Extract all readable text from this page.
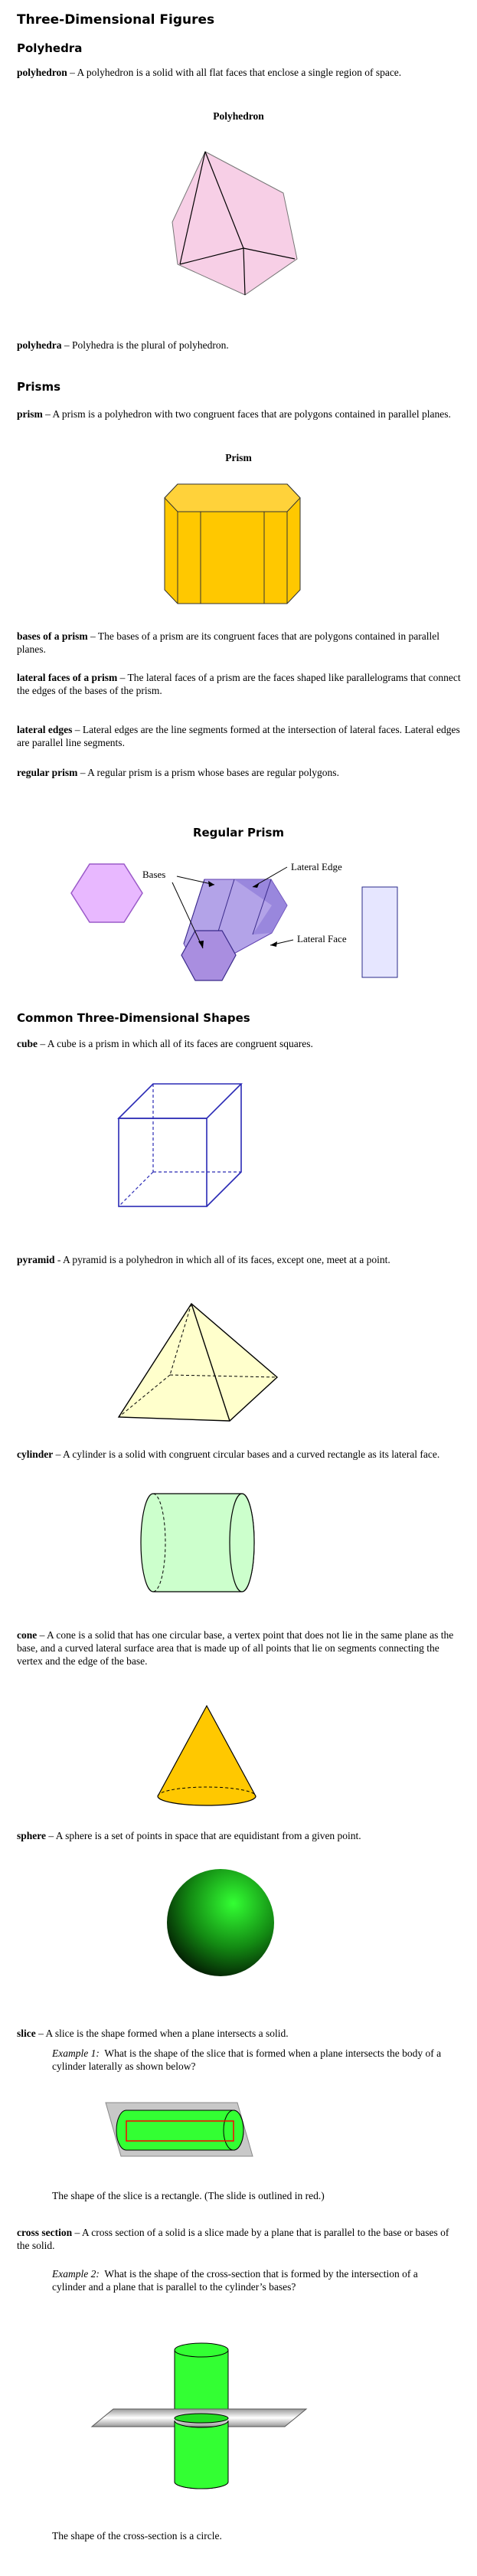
Three-Dimensional Figures
Polyhedra
polyhedron – A polyhedron is a solid with all flat faces that enclose a single region of space.
Polyhedron
polyhedra – Polyhedra is the plural of polyhedron.
Prisms
prism – A prism is a polyhedron with two congruent faces that are polygons contained in parallel planes.
Prism
bases of a prism – The bases of a prism are its congruent faces that are polygons contained in parallel planes.
lateral faces of a prism – The lateral faces of a prism are the faces shaped like parallelograms that connect the edges of the bases of the prism.
lateral edges – Lateral edges are the line segments formed at the intersection of lateral faces. Lateral edges are parallel line segments.
regular prism – A regular prism is a prism whose bases are regular polygons.
Regular Prism
Bases
Lateral Edge
Lateral Face
Common Three-Dimensional Shapes
cube – A cube is a prism in which all of its faces are congruent squares.
pyramid - A pyramid is a polyhedron in which all of its faces, except one, meet at a point.
cylinder – A cylinder is a solid with congruent circular bases and a curved rectangle as its lateral face.
cone – A cone is a solid that has one circular base, a vertex point that does not lie in the same plane as the base, and a curved lateral surface area that is made up of all points that lie on segments connecting the vertex and the edge of the base.
sphere – A sphere is a set of points in space that are equidistant from a given point.
slice – A slice is the shape formed when a plane intersects a solid.
Example 1: What is the shape of the slice that is formed when a plane intersects the body of a cylinder laterally as shown below?
The shape of the slice is a rectangle. (The slide is outlined in red.)
cross section – A cross section of a solid is a slice made by a plane that is parallel to the base or bases of the solid.
Example 2: What is the shape of the cross-section that is formed by the intersection of a cylinder and a plane that is parallel to the cylinder’s bases?
The shape of the cross-section is a circle.
